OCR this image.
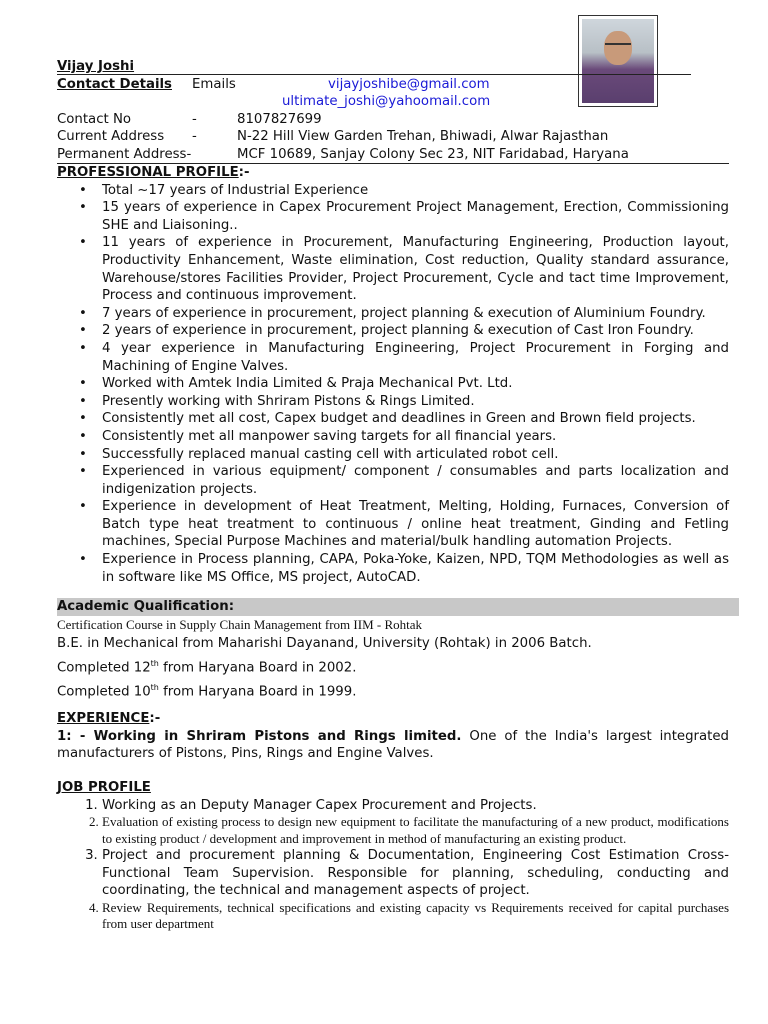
Vijay Joshi
Contact Details	Emails	vijayjoshibe@gmail.com
ultimate_joshi@yahoomail.com
Contact No	-	8107827699
Current Address	-	N-22 Hill View Garden Trehan, Bhiwadi, Alwar Rajasthan
Permanent Address-	MCF 10689, Sanjay Colony Sec 23, NIT Faridabad, Haryana
PROFESSIONAL PROFILE:-
• Total ~17 years of Industrial Experience
• 15 years of experience in Capex Procurement Project Management, Erection, Commissioning SHE and Liaisoning..
• 11 years of experience in Procurement, Manufacturing Engineering, Production layout, Productivity Enhancement, Waste elimination, Cost reduction, Quality standard assurance, Warehouse/stores Facilities Provider, Project Procurement, Cycle and tact time Improvement, Process and continuous improvement.
• 7 years of experience in procurement, project planning & execution of Aluminium Foundry.
• 2 years of experience in procurement, project planning & execution of Cast Iron Foundry.
• 4 year experience in Manufacturing Engineering, Project Procurement in Forging and Machining of Engine Valves.
• Worked with Amtek India Limited & Praja Mechanical Pvt. Ltd.
• Presently working with Shriram Pistons & Rings Limited.
• Consistently met all cost, Capex budget and deadlines in Green and Brown field projects.
• Consistently met all manpower saving targets for all financial years.
• Successfully replaced manual casting cell with articulated robot cell.
• Experienced in various equipment/ component / consumables and parts localization and indigenization projects.
• Experience in development of Heat Treatment, Melting, Holding, Furnaces, Conversion of Batch type heat treatment to continuous / online heat treatment, Ginding and Fetling machines, Special Purpose Machines and material/bulk handling automation Projects.
• Experience in Process planning, CAPA, Poka-Yoke, Kaizen, NPD, TQM Methodologies as well as in software like MS Office, MS project, AutoCAD.
Academic Qualification:
Certification Course in Supply Chain Management from IIM - Rohtak
B.E. in Mechanical from Maharishi Dayanand, University (Rohtak) in 2006 Batch.
Completed 12th from Haryana Board in 2002.
Completed 10th from Haryana Board in 1999.
EXPERIENCE:-
1: - Working in Shriram Pistons and Rings limited. One of the India's largest integrated manufacturers of Pistons, Pins, Rings and Engine Valves.
JOB PROFILE
1. Working as an Deputy Manager Capex Procurement and Projects.
2. Evaluation of existing process to design new equipment to facilitate the manufacturing of a new product, modifications to existing product / development and improvement in method of manufacturing an existing product.
3. Project and procurement planning & Documentation, Engineering Cost Estimation Cross-Functional Team Supervision. Responsible for planning, scheduling, conducting and coordinating, the technical and management aspects of project.
4. Review Requirements, technical specifications and existing capacity vs Requirements received for capital purchases from user department
